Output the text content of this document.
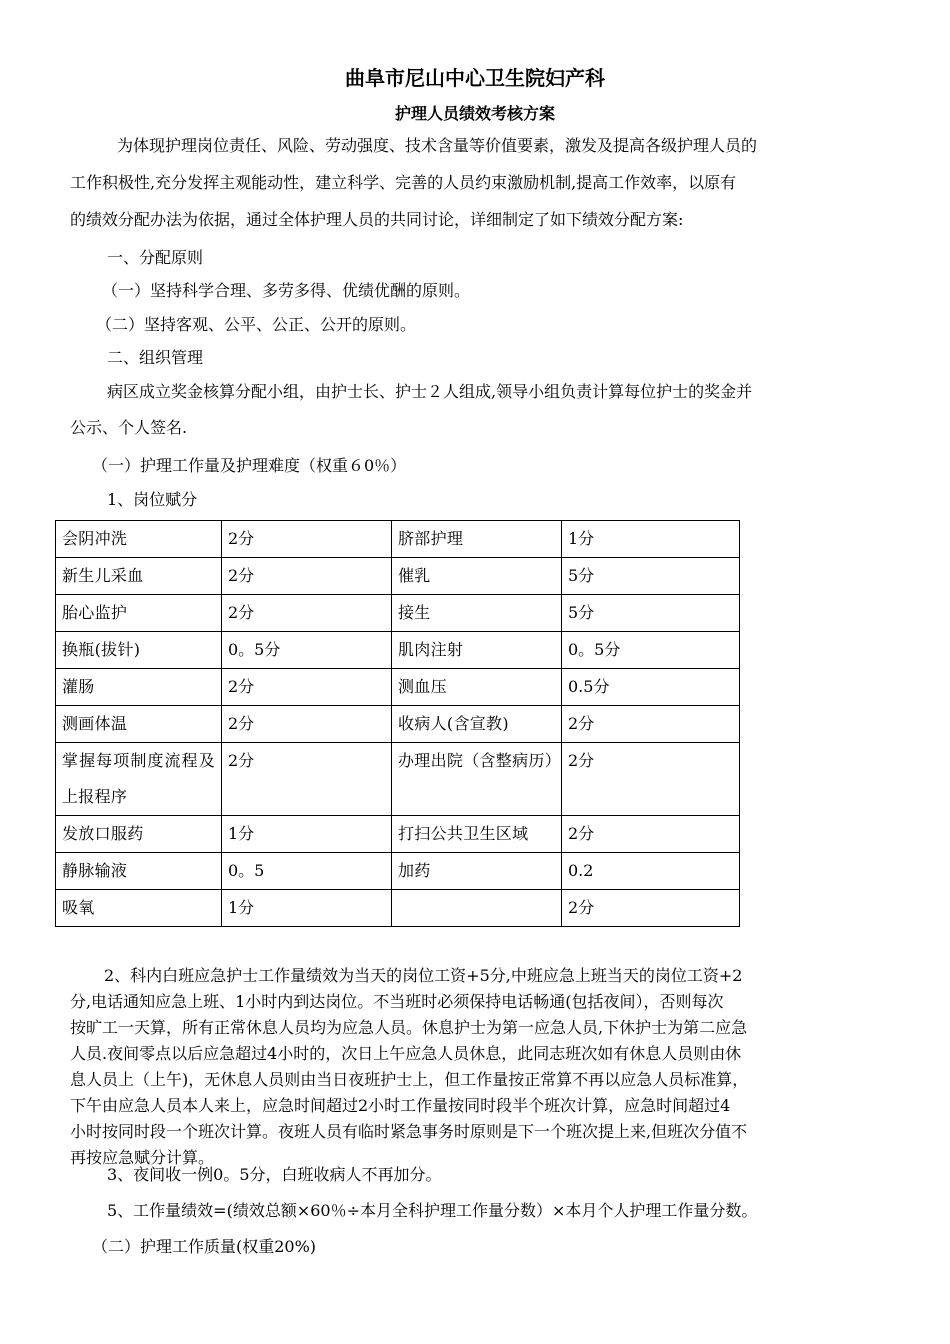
曲阜市尼山中心卫生院妇产科
护理人员绩效考核方案
为体现护理岗位责任、风险、劳动强度、技术含量等价值要素，激发及提高各级护理人员的
工作积极性,充分发挥主观能动性，建立科学、完善的人员约束激励机制,提高工作效率，以原有
的绩效分配办法为依据，通过全体护理人员的共同讨论，详细制定了如下绩效分配方案:
一、分配原则
（一）坚持科学合理、多劳多得、优绩优酬的原则。
（二）坚持客观、公平、公正、公开的原则。
二、组织管理
病区成立奖金核算分配小组，由护士长、护士２人组成,领导小组负责计算每位护士的奖金并
公示、个人签名.
（一）护理工作量及护理难度（权重６0％）
1、岗位赋分
会阴冲洗	2分	脐部护理	1分
新生儿采血	2分	催乳	5分
胎心监护	2分	接生	5分
换瓶(拔针)	0。5分	肌肉注射	0。5分
灌肠	2分	测血压	0.5分
测画体温	2分	收病人(含宣教)	2分
掌握每项制度流程及上报程序	2分	办理出院（含整病历）	2分
发放口服药	1分	打扫公共卫生区域	2分
静脉输液	0。5	加药	0.2
吸氧	1分		2分
2、科内白班应急护士工作量绩效为当天的岗位工资+5分,中班应急上班当天的岗位工资+2
分,电话通知应急上班、1小时内到达岗位。不当班时必须保持电话畅通(包括夜间），否则每次
按旷工一天算，所有正常休息人员均为应急人员。休息护士为第一应急人员,下休护士为第二应急
人员.夜间零点以后应急超过4小时的，次日上午应急人员休息，此同志班次如有休息人员则由休
息人员上（上午)，无休息人员则由当日夜班护士上，但工作量按正常算不再以应急人员标准算，
下午由应急人员本人来上，应急时间超过2小时工作量按同时段半个班次计算，应急时间超过4
小时按同时段一个班次计算。夜班人员有临时紧急事务时原则是下一个班次提上来,但班次分值不
再按应急赋分计算。
3、夜间收一例0。5分，白班收病人不再加分。
5、工作量绩效=(绩效总额×60％÷本月全科护理工作量分数）×本月个人护理工作量分数。
（二）护理工作质量(权重20%)
